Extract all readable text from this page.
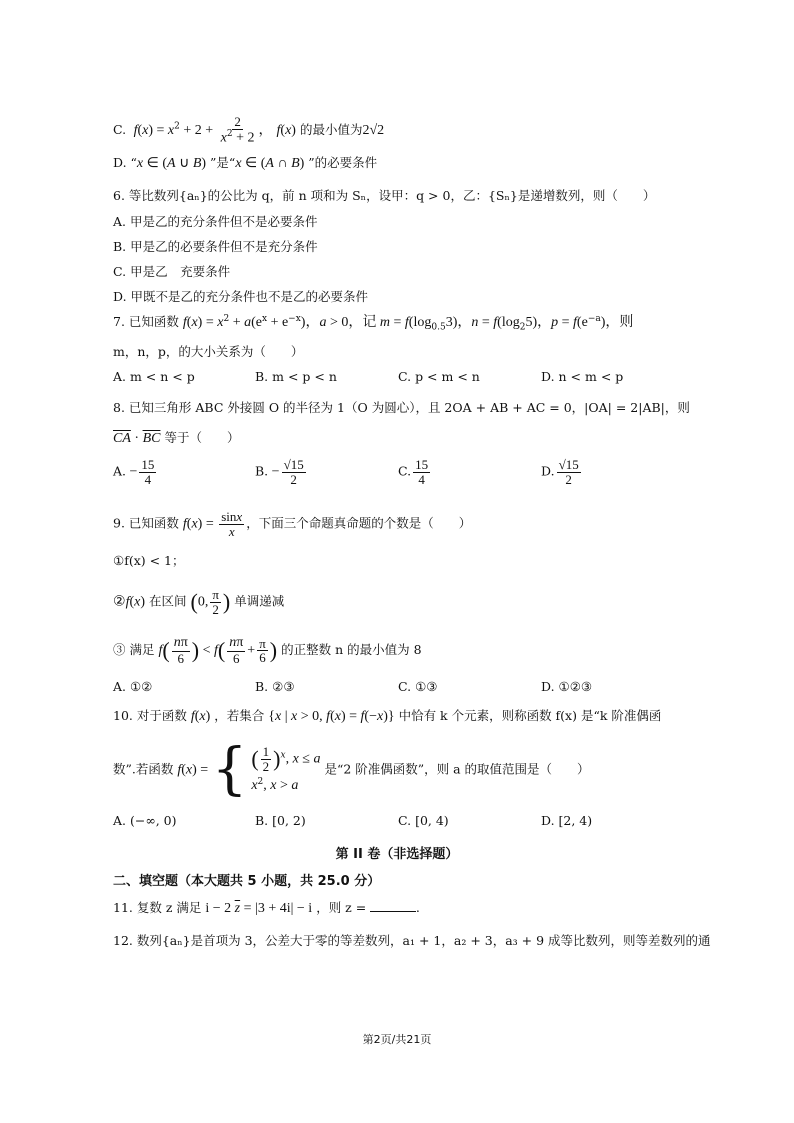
C.  $f(x) = x^2 + 2 + \frac{2}{x^2 + 2}$ ， f(x) 的最小值为2√2
D. “x ∈ (A ∪ B) ”是“x ∈ (A ∩ B) ”的必要条件
6. 等比数列{aₙ}的公比为 q，前 n 项和为 Sₙ，设甲：q > 0，乙：{Sₙ}是递增数列，则（　　）
A. 甲是乙的充分条件但不是必要条件
B. 甲是乙的必要条件但不是充分条件
C. 甲是乙　充要条件
D. 甲既不是乙的充分条件也不是乙的必要条件
7. 已知函数 $f(x) = x^2 + a(e^x + e^{-x})$，a > 0，记 $m = f(\log_{0.5}3)$，$n = f(\log_25)$，$p = f(e^{-a})$，则
m，n，p，的大小关系为（　　）
A. m < n < p	B. m < p < n	C. p < m < n	D. n < m < p
8. 已知三角形 ABC 外接圆 O 的半径为 1（O 为圆心），且 2OA + AB + AC = 0，|OA| = 2|AB|，则
$\overline{CA} \cdot \overline{BC}$ 等于（　　）
A. − $\frac{15}{4}$	B. − $\frac{√15}{2}$	C. $\frac{15}{4}$	D. $\frac{√15}{2}$
9. 已知函数 $f(x) = \frac{\sin x}{x}$ ，下面三个命题真命题的个数是（　　）
①f(x) < 1；
②f(x) 在区间 (0, $\frac{\pi}{2}$ ) 单调递减
③ 满足 $f( \frac{n\pi}{6}$ ) < $f( \frac{n\pi}{6} + \frac{\pi}{6}$ ) 的正整数 n 的最小值为 8
A. ①②	B. ②③	C. ①③	D. ①②③
10. 对于函数 f(x) ，若集合 {x | x > 0, f(x) = f(−x)} 中恰有 k 个元素，则称函数 f(x) 是“k 阶准偶函
数”.若函数 f(x) = { ( $\frac{1}{2} )^x$, x ≤ a
$x^2$, x > a
是“2 阶准偶函数”，则 a 的取值范围是（　　）
A. (−∞, 0)	B. [0, 2)	C. [0, 4)	D. [2, 4)
第 II 卷（非选择题）
二、填空题（本大题共 5 小题，共 25.0 分）
11. 复数 z 满足 i − 2 $\overline{z} = |3 + 4i| - i$ ，则 z =	.
12. 数列{aₙ}是首项为 3，公差大于零的等差数列，a₁ + 1，a₂ + 3，a₃ + 9 成等比数列，则等差数列的通
第2页/共21页
